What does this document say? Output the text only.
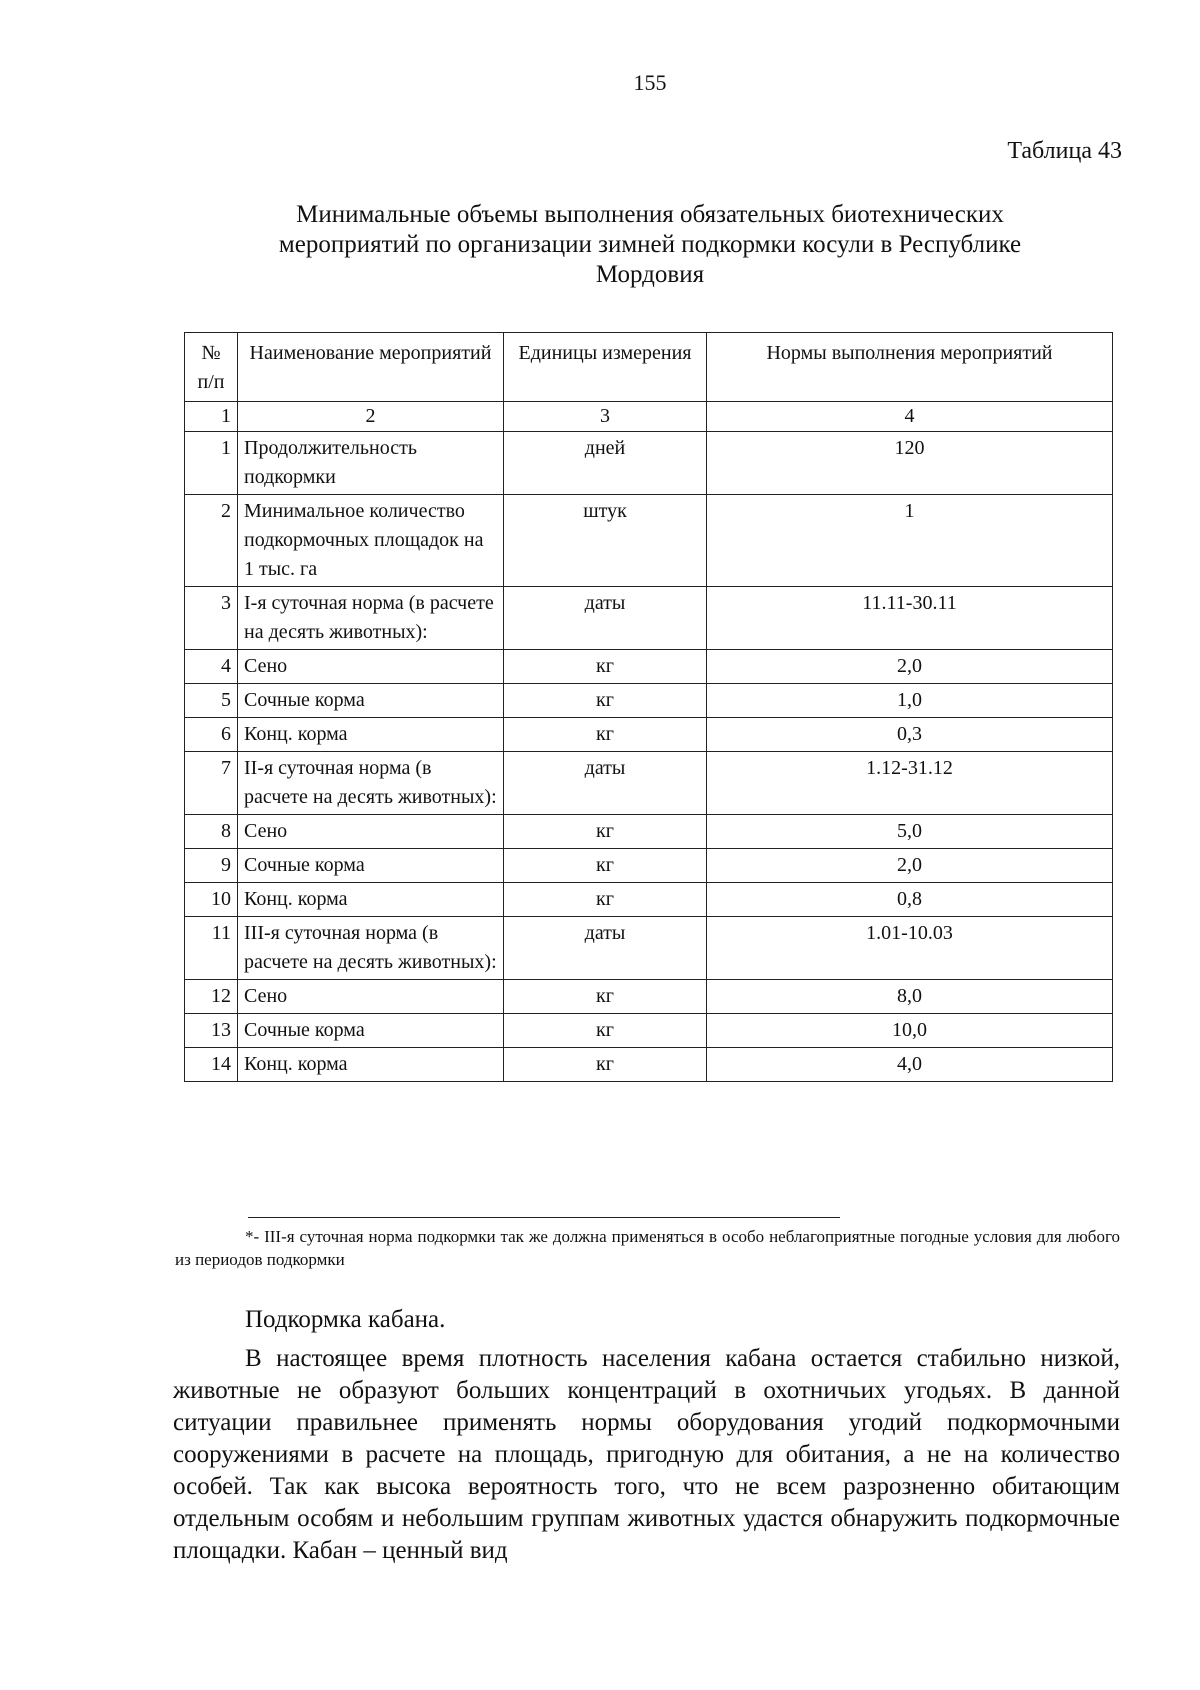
155
Таблица 43
Минимальные объемы выполнения обязательных биотехнических
мероприятий по организации зимней подкормки косули в Республике
Мордовия
№ п/п	Наименование мероприятий	Единицы измерения	Нормы выполнения мероприятий
1	2	3	4
1	Продолжительность подкормки	дней	120
2	Минимальное количество подкормочных площадок на 1 тыс. га	штук	1
3	I-я суточная норма (в расчете на десять животных):	даты	11.11-30.11
4	Сено	кг	2,0
5	Сочные корма	кг	1,0
6	Конц. корма	кг	0,3
7	II-я суточная норма (в расчете на десять животных):	даты	1.12-31.12
8	Сено	кг	5,0
9	Сочные корма	кг	2,0
10	Конц. корма	кг	0,8
11	III-я суточная норма (в расчете на десять животных):	даты	1.01-10.03
12	Сено	кг	8,0
13	Сочные корма	кг	10,0
14	Конц. корма	кг	4,0
*- III-я суточная норма подкормки так же должна применяться в особо неблагоприятные погодные условия для любого из периодов подкормки
Подкормка кабана.

В настоящее время плотность населения кабана остается стабильно низкой, животные не образуют больших концентраций в охотничьих угодьях. В данной ситуации правильнее применять нормы оборудования угодий подкормочными сооружениями в расчете на площадь, пригодную для обитания, а не на количество особей. Так как высока вероятность того, что не всем разрозненно обитающим отдельным особям и небольшим группам животных удастся обнаружить подкормочные площадки. Кабан – ценный вид
